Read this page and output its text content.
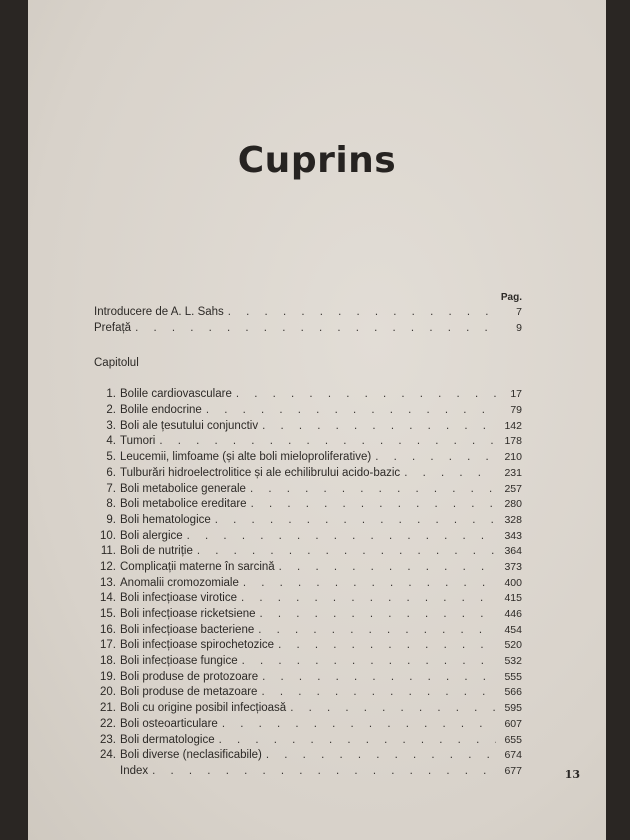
Cuprins
Pag.
Introducere de A. L. Sahs . . .	7
Prefață . . .	9
Capitolul
1. Bolile cardiovasculare . . .	17
2. Bolile endocrine . . .	79
3. Boli ale țesutului conjunctiv . . .	142
4. Tumori . . .	178
5. Leucemii, limfoame (și alte boli mieloproliferative) . . .	210
6. Tulburări hidroelectrolitice și ale echilibrului acido-bazic . . .	231
7. Boli metabolice generale . . .	257
8. Boli metabolice ereditare . . .	280
9. Boli hematologice . . .	328
10. Boli alergice . . .	343
11. Boli de nutriție . . .	364
12. Complicații materne în sarcină . . .	373
13. Anomalii cromozomiale . . .	400
14. Boli infecțioase virotice . . .	415
15. Boli infecțioase ricketsiene . . .	446
16. Boli infecțioase bacteriene . . .	454
17. Boli infecțioase spirochetozice . . .	520
18. Boli infecțioase fungice . . .	532
19. Boli produse de protozoare . . .	555
20. Boli produse de metazoare . . .	566
21. Boli cu origine posibil infecțioasă . . .	595
22. Boli osteoarticulare . . .	607
23. Boli dermatologice . . .	655
24. Boli diverse (neclasificabile) . . .	674
Index . . .	677	13
